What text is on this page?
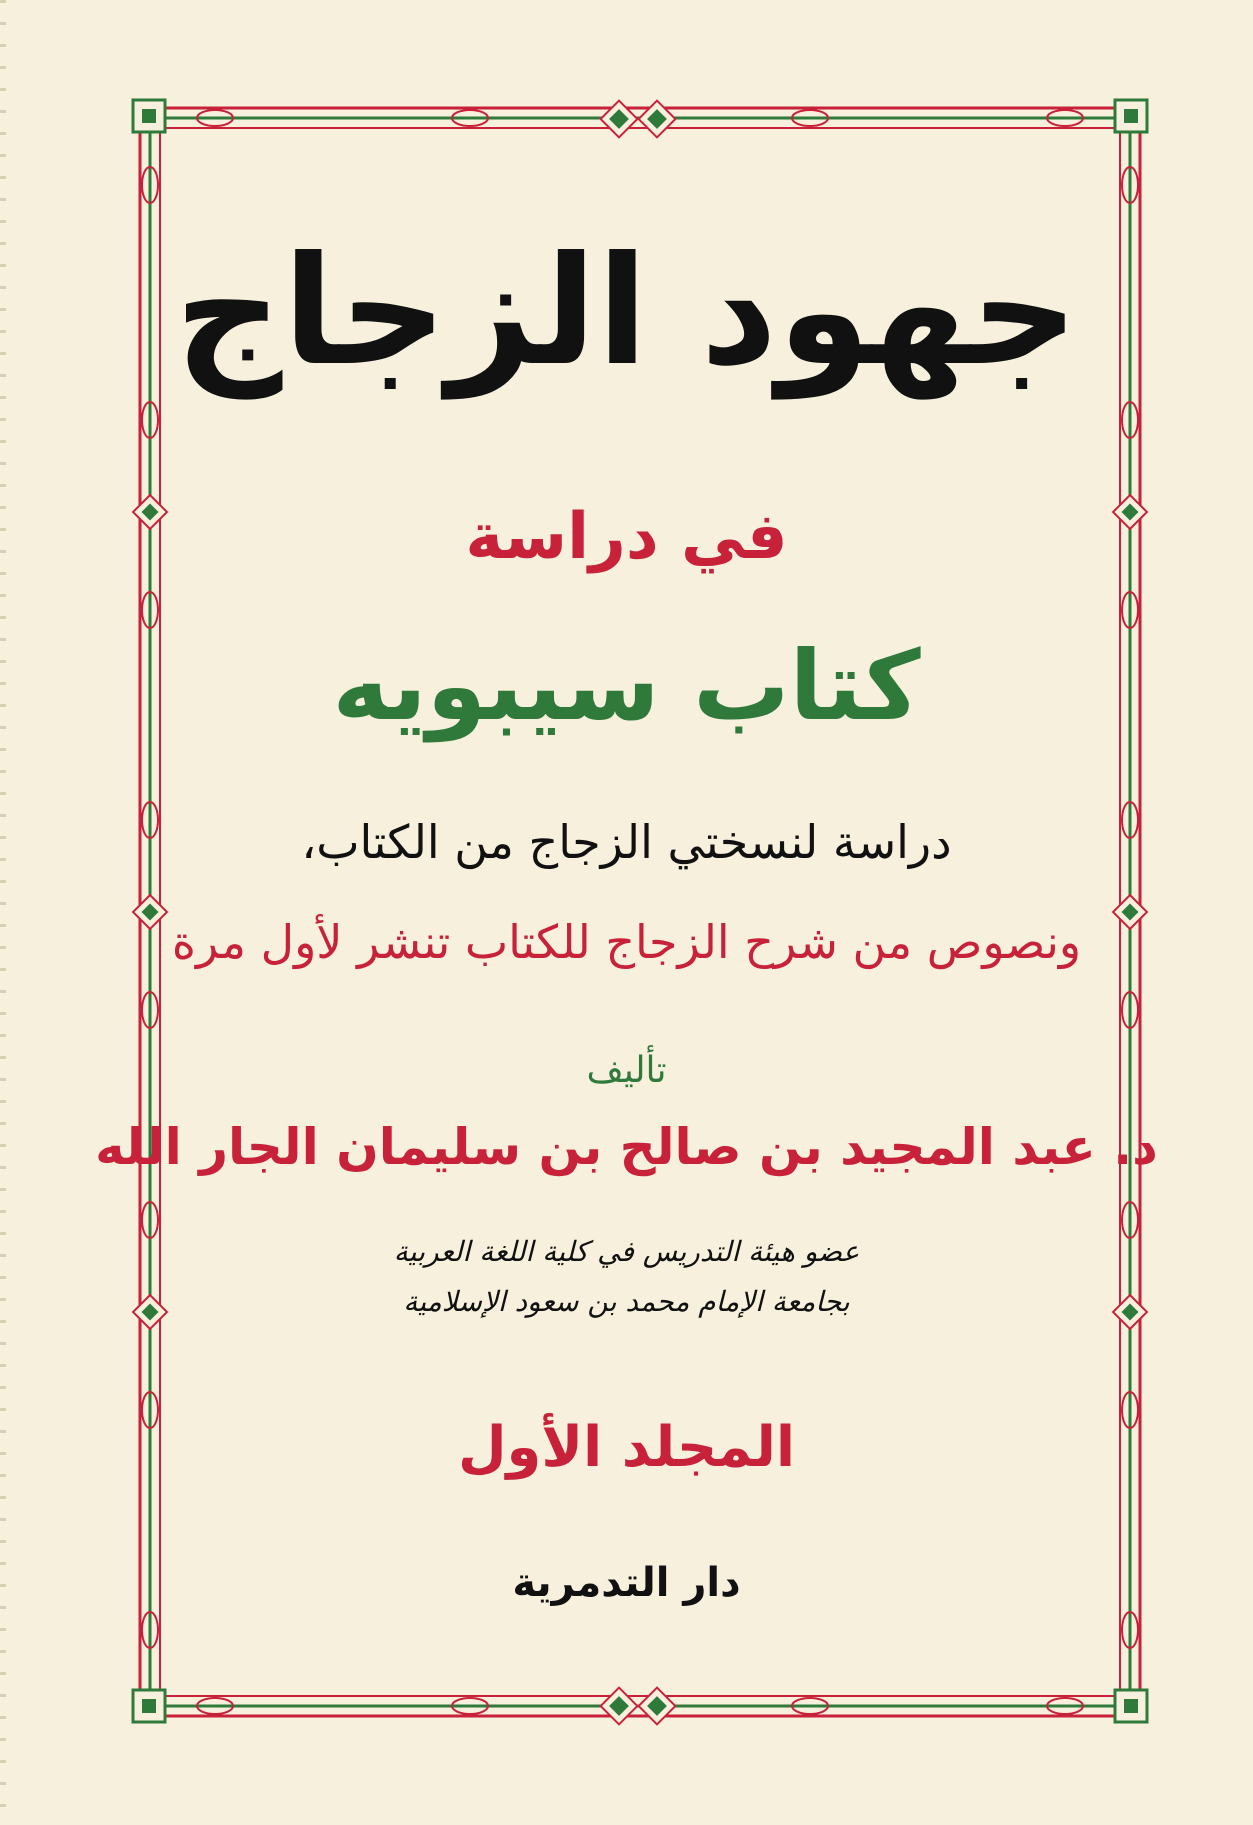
جهود الزجاج
في دراسة
كتاب سيبويه
دراسة لنسختي الزجاج من الكتاب،
ونصوص من شرح الزجاج للكتاب تنشر لأول مرة
تأليف
د. عبد المجيد بن صالح بن سليمان الجار الله
عضو هيئة التدريس في كلية اللغة العربية
بجامعة الإمام محمد بن سعود الإسلامية
المجلد الأول
دار التدمرية
